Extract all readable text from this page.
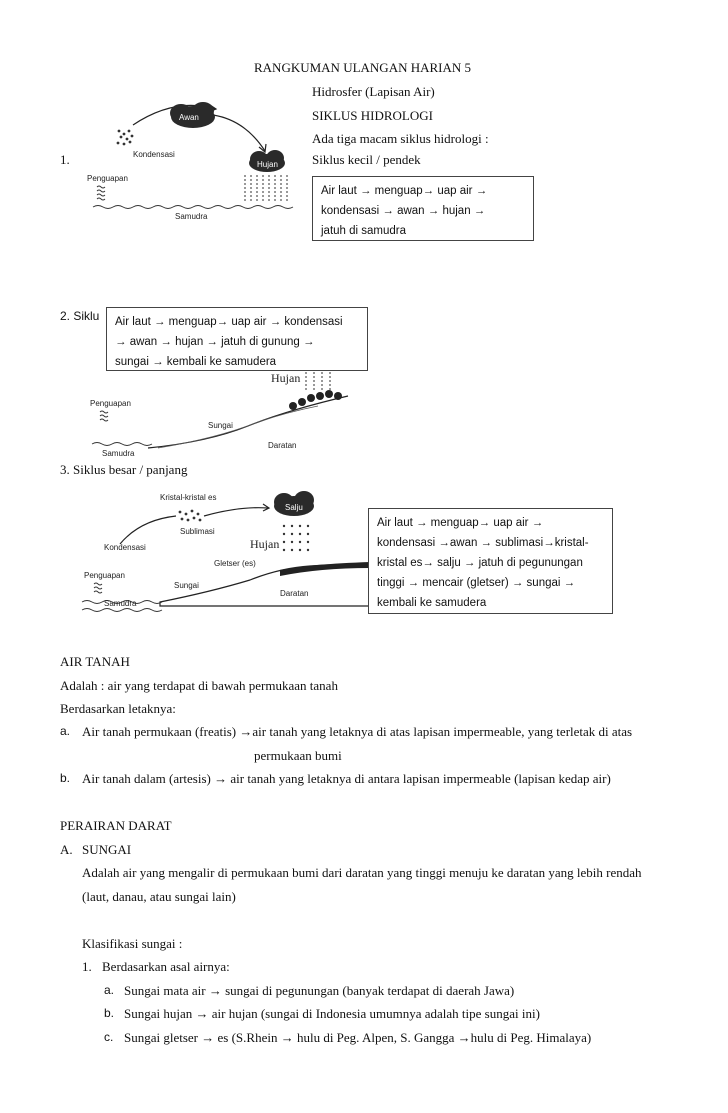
RANGKUMAN ULANGAN HARIAN 5
Hidrosfer (Lapisan Air)
SIKLUS HIDROLOGI
Ada tiga macam siklus hidrologi :
1.	Siklus kecil / pendek
Awan
Kondensasi
Hujan
Penguapan
Samudra
Air laut → menguap→ uap air →
kondensasi → awan → hujan →
jatuh di samudra
2. Siklu
Hujan
Penguapan
Sungai
Daratan
Samudra
Air laut → menguap→ uap air → kondensasi
→ awan → hujan → jatuh di gunung →
sungai → kembali ke samudera
3. Siklus besar / panjang
Kristal-kristal es
Salju
Sublimasi
Kondensasi	Hujan
Gletser (es)
Penguapan
Sungai
Daratan
Samudra
Air laut → menguap→ uap air →
kondensasi →awan → sublimasi→kristal-
kristal es→ salju → jatuh di pegunungan
tinggi → mencair (gletser) → sungai →
kembali ke samudera
AIR TANAH
Adalah : air yang terdapat di bawah permukaan tanah
Berdasarkan letaknya:
a. Air tanah permukaan (freatis) →air tanah yang letaknya di atas lapisan impermeable, yang terletak di atas
permukaan bumi
b. Air tanah dalam (artesis) → air tanah yang letaknya di antara lapisan impermeable (lapisan kedap air)
PERAIRAN DARAT
A. SUNGAI
Adalah air yang mengalir di permukaan bumi dari daratan yang tinggi menuju ke daratan yang lebih rendah
(laut, danau, atau sungai lain)
Klasifikasi sungai :
1. Berdasarkan asal airnya:
a. Sungai mata air → sungai di pegunungan (banyak terdapat di daerah Jawa)
b. Sungai hujan → air hujan (sungai di Indonesia umumnya adalah tipe sungai ini)
c. Sungai gletser → es (S.Rhein → hulu di Peg. Alpen, S. Gangga →hulu di Peg. Himalaya)
